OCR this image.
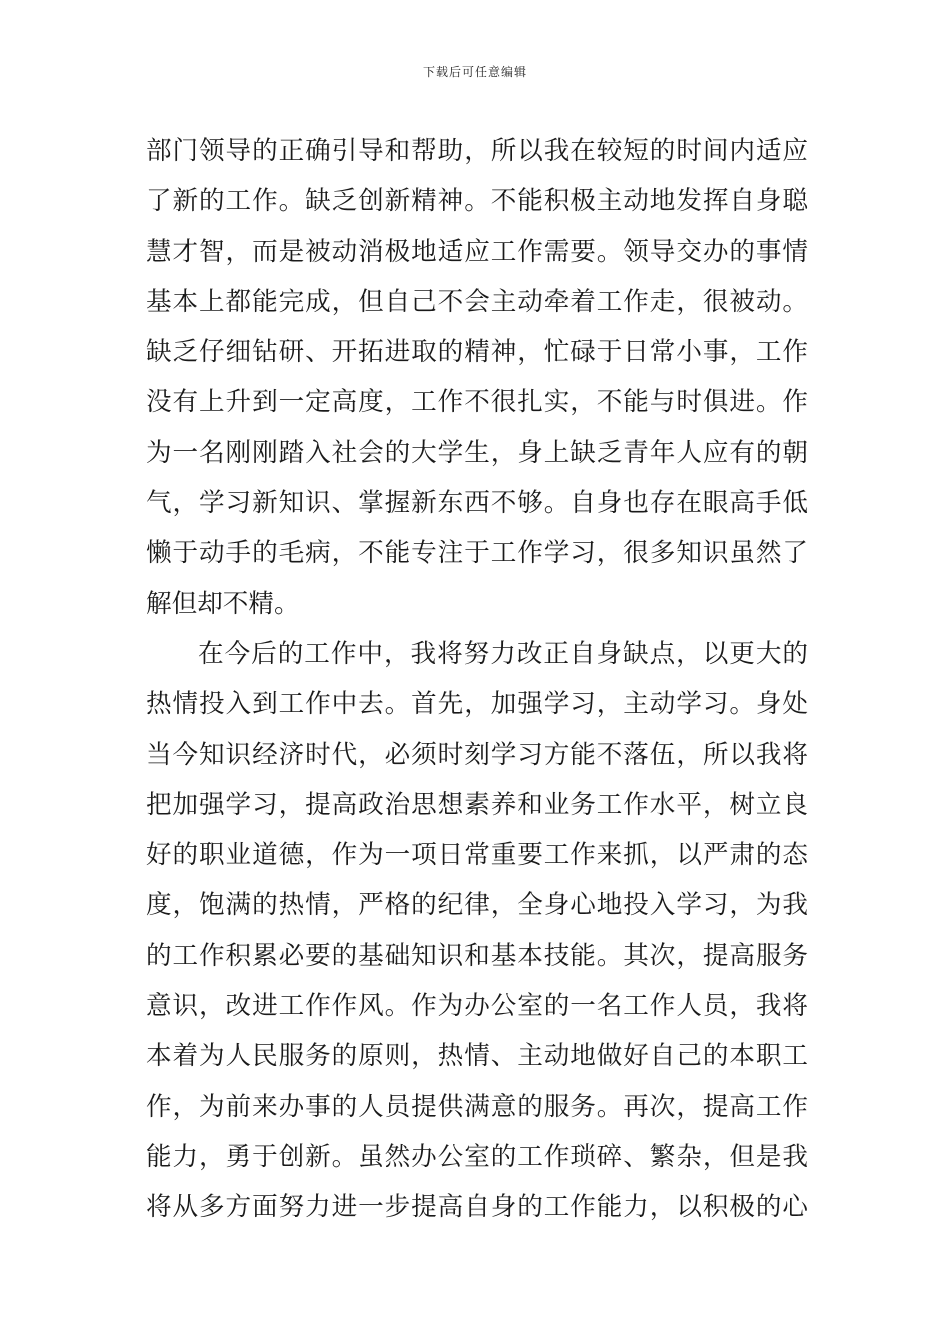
下载后可任意编辑
部门领导的正确引导和帮助，所以我在较短的时间内适应
了新的工作。缺乏创新精神。不能积极主动地发挥自身聪
慧才智，而是被动消极地适应工作需要。领导交办的事情
基本上都能完成，但自己不会主动牵着工作走，很被动。
缺乏仔细钻研、开拓进取的精神，忙碌于日常小事，工作
没有上升到一定高度，工作不很扎实，不能与时俱进。作
为一名刚刚踏入社会的大学生，身上缺乏青年人应有的朝
气，学习新知识、掌握新东西不够。自身也存在眼高手低
懒于动手的毛病，不能专注于工作学习，很多知识虽然了
解但却不精。
在今后的工作中，我将努力改正自身缺点，以更大的
热情投入到工作中去。首先，加强学习，主动学习。身处
当今知识经济时代，必须时刻学习方能不落伍，所以我将
把加强学习，提高政治思想素养和业务工作水平，树立良
好的职业道德，作为一项日常重要工作来抓，以严肃的态
度，饱满的热情，严格的纪律，全身心地投入学习，为我
的工作积累必要的基础知识和基本技能。其次，提高服务
意识，改进工作作风。作为办公室的一名工作人员，我将
本着为人民服务的原则，热情、主动地做好自己的本职工
作，为前来办事的人员提供满意的服务。再次，提高工作
能力，勇于创新。虽然办公室的工作琐碎、繁杂，但是我
将从多方面努力进一步提高自身的工作能力，以积极的心
